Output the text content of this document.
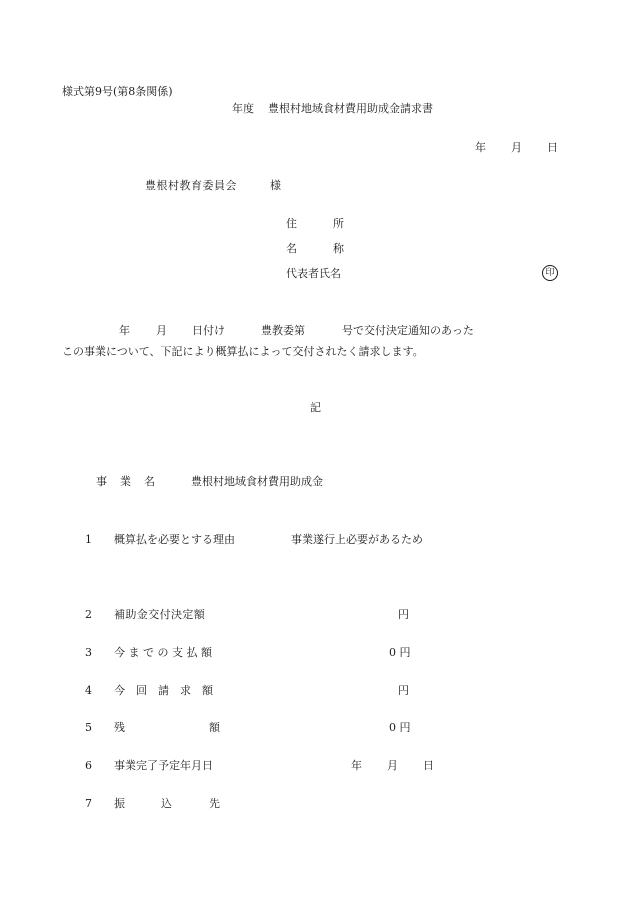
様式第9号(第8条関係)
年度 豊根村地域食材費用助成金請求書
年 月 日
豊根村教育委員会	様
住	所
名	称
代表者氏名	印
年 月 日付け	豊教委第	号で交付決定通知のあった
この事業について、下記により概算払によって交付されたく請求します。
記
事 業 名	豊根村地域食材費用助成金
1 概算払を必要とする理由	事業遂行上必要があるため
2 補助金交付決定額	円
3 今 ま で の 支 払 額	0 円
4 今　回　請　求　額	円
5 残	額	0 円
6 事業完了予定年月日	年 月 日
7 振	込	先
